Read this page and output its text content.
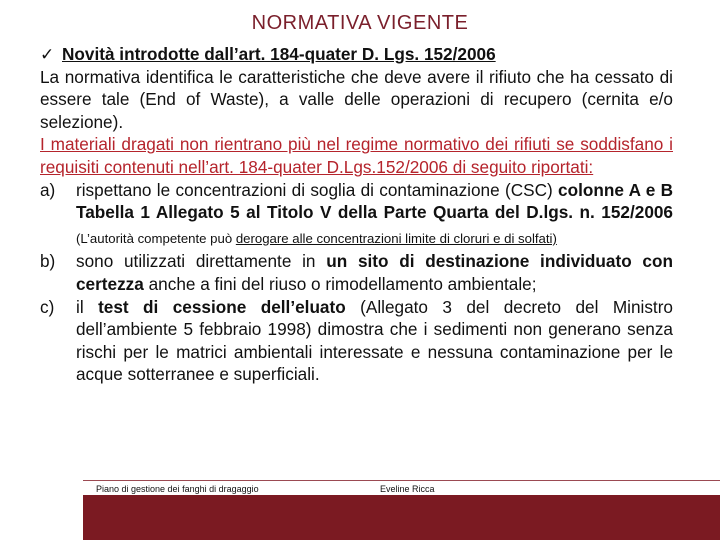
NORMATIVA VIGENTE
✓ Novità introdotte dall’art. 184-quater D. Lgs. 152/2006
La normativa identifica le caratteristiche che deve avere il rifiuto che ha cessato di essere tale (End of Waste), a valle delle operazioni di recupero (cernita e/o selezione).
I materiali dragati non rientrano più nel regime normativo dei rifiuti se soddisfano i requisiti contenuti nell’art. 184-quater D.Lgs.152/2006 di seguito riportati:
a)	rispettano le concentrazioni di soglia di contaminazione (CSC) colonne A e B Tabella 1 Allegato 5 al Titolo V della Parte Quarta del D.lgs. n. 152/2006 (L’autorità competente può derogare alle concentrazioni limite di cloruri e di solfati)
b)	sono utilizzati direttamente in un sito di destinazione individuato con certezza anche a fini del riuso o rimodellamento ambientale;
c)	il test di cessione dell’eluato (Allegato 3 del decreto del Ministro dell’ambiente 5 febbraio 1998) dimostra che i sedimenti non generano senza rischi per le matrici ambientali interessate e nessuna contaminazione per le acque sotterranee e superficiali.
Piano di gestione dei fanghi di dragaggio	Eveline Ricca
